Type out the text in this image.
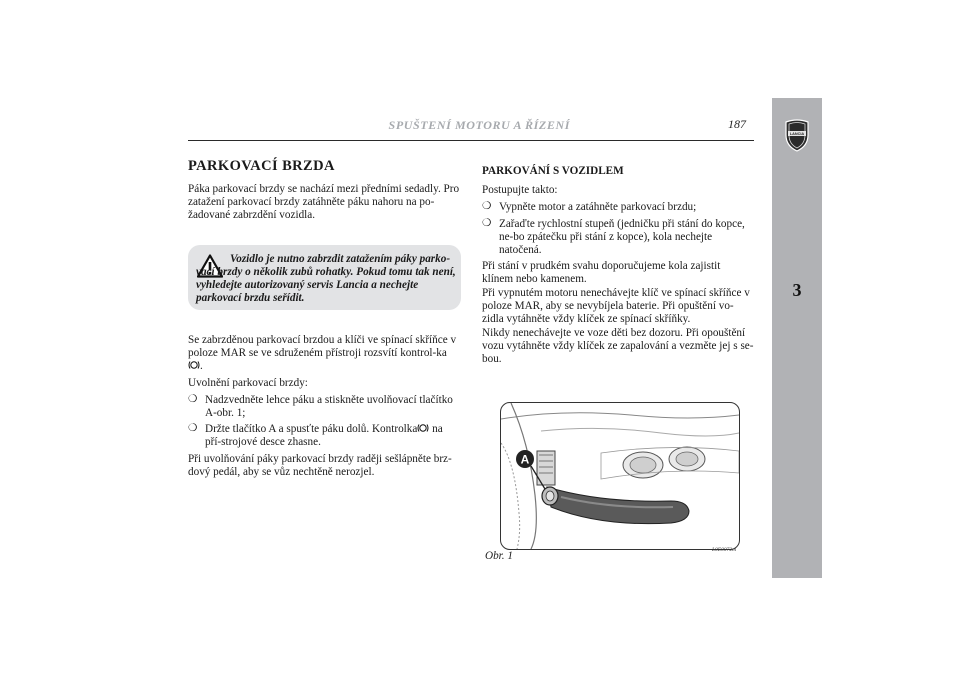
SPUŠTENÍ MOTORU A ŘÍZENÍ	187
LANCIA
3
PARKOVACÍ BRZDA

Páka parkovací brzdy se nachází mezi předními sedadly. Pro zatažení parkovací brzdy zatáhněte páku nahoru na po-žadované zabrzdění vozidla.

Vozidlo je nutno zabrzdit zatažením páky parko-vací brzdy o několik zubů rohatky. Pokud tomu tak není, vyhledejte autorizovaný servis Lancia a nechejte parkovací brzdu seřídit.

Se zabrzděnou parkovací brzdou a klíči ve spínací skříňce v poloze MAR se ve sdruženém přístroji rozsvítí kontrol-ka .

Uvolnění parkovací brzdy:

❍ Nadzvedněte lehce páku a stiskněte uvolňovací tlačítko A-obr. 1;
❍ Držte tlačítko A a spusťte páku dolů. Kontrolka na pří-strojové desce zhasne.

Při uvolňování páky parkovací brzdy raději sešlápněte brz-dový pedál, aby se vůz nechtěně nerozjel.

PARKOVÁNÍ S VOZIDLEM

Postupujte takto:

❍ Vypněte motor a zatáhněte parkovací brzdu;
❍ Zařaďte rychlostní stupeň (jedničku při stání do kopce, ne-bo zpátečku při stání z kopce), kola nechejte natočená.

Při stání v prudkém svahu doporučujeme kola zajistit klínem nebo kamenem.

Při vypnutém motoru nenechávejte klíč ve spínací skříňce v poloze MAR, aby se nevybíjela baterie. Při opuštění vo-zidla vytáhněte vždy klíček ze spínací skříňky.

Nikdy nenechávejte ve voze děti bez dozoru. Při opouštění vozu vytáhněte vždy klíček ze zapalování a vezměte jej s se-bou.

A
Obr. 1	L0E0072m
